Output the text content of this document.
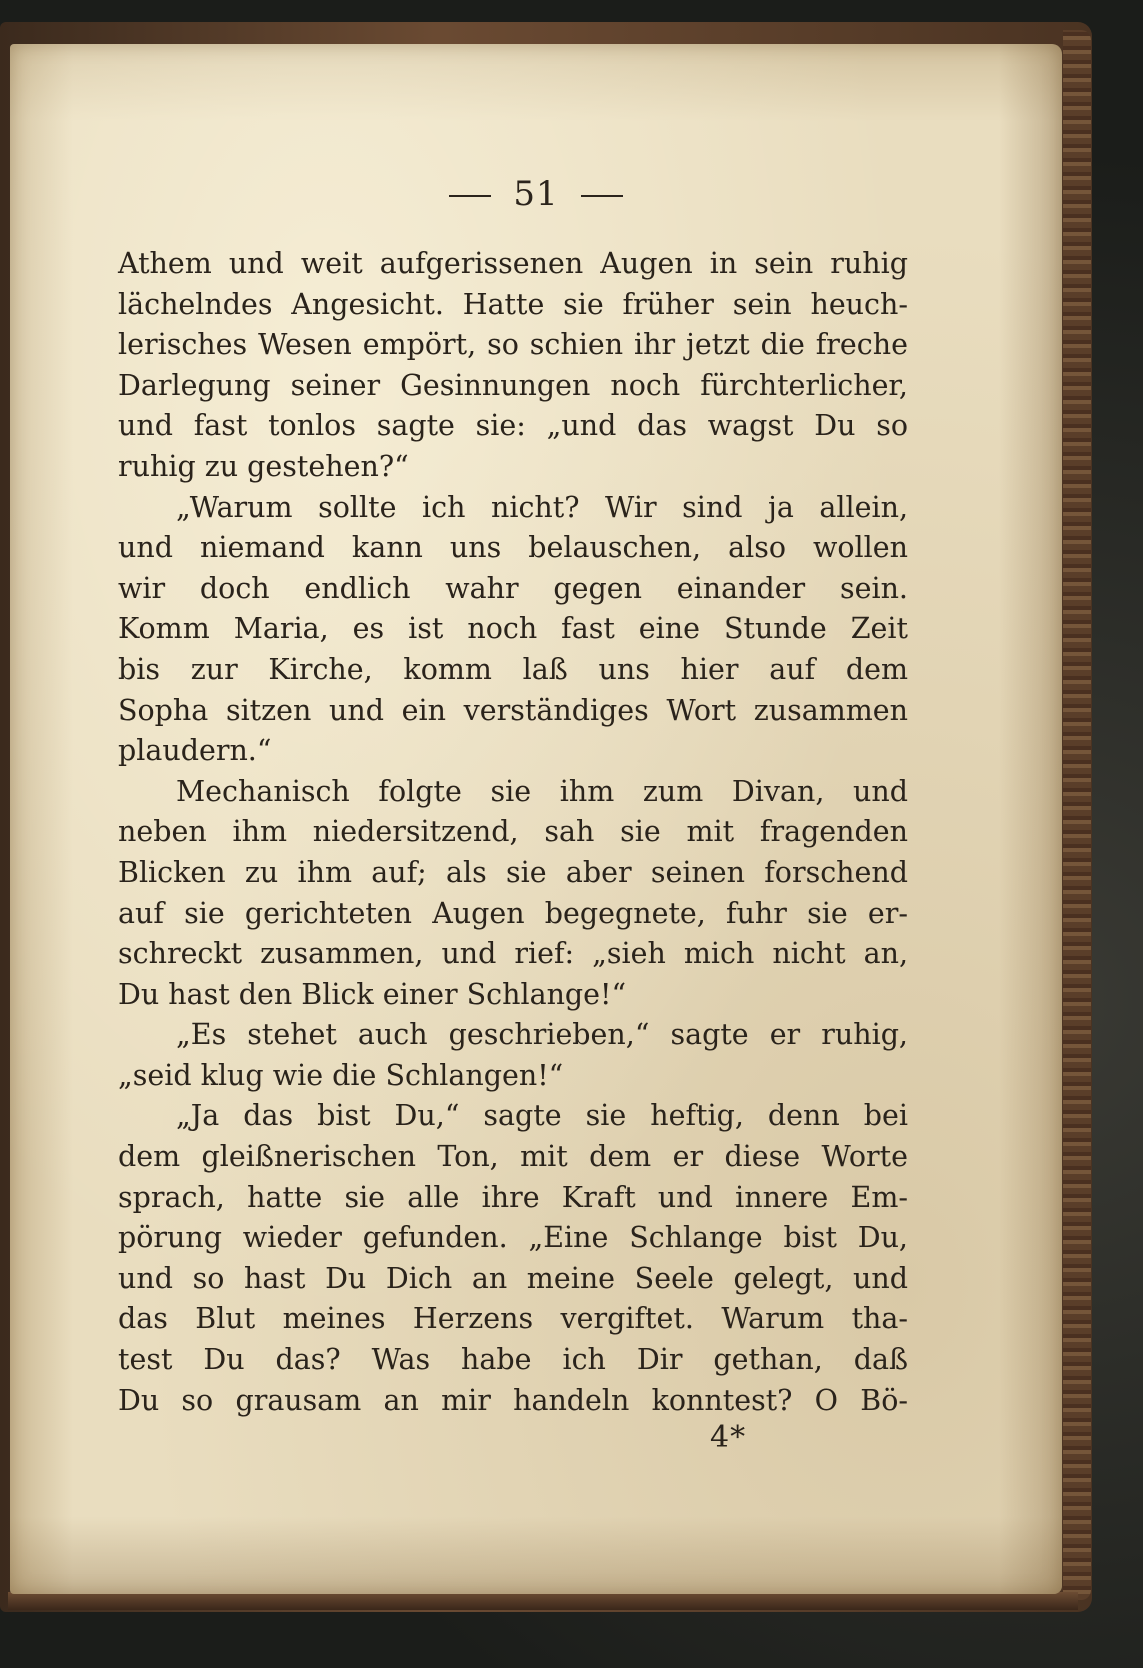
51
Athem und weit aufgerissenen Augen in sein ruhig
lächelndes Angesicht. Hatte sie früher sein heuch-
lerisches Wesen empört, so schien ihr jetzt die freche
Darlegung seiner Gesinnungen noch fürchterlicher,
und fast tonlos sagte sie: „und das wagst Du so
ruhig zu gestehen?“
„Warum sollte ich nicht? Wir sind ja allein,
und niemand kann uns belauschen, also wollen
wir doch endlich wahr gegen einander sein.
Komm Maria, es ist noch fast eine Stunde Zeit
bis zur Kirche, komm laß uns hier auf dem
Sopha sitzen und ein verständiges Wort zusammen
plaudern.“
Mechanisch folgte sie ihm zum Divan, und
neben ihm niedersitzend, sah sie mit fragenden
Blicken zu ihm auf; als sie aber seinen forschend
auf sie gerichteten Augen begegnete, fuhr sie er-
schreckt zusammen, und rief: „sieh mich nicht an,
Du hast den Blick einer Schlange!“
„Es stehet auch geschrieben,“ sagte er ruhig,
„seid klug wie die Schlangen!“
„Ja das bist Du,“ sagte sie heftig, denn bei
dem gleißnerischen Ton, mit dem er diese Worte
sprach, hatte sie alle ihre Kraft und innere Em-
pörung wieder gefunden. „Eine Schlange bist Du,
und so hast Du Dich an meine Seele gelegt, und
das Blut meines Herzens vergiftet. Warum tha-
test Du das? Was habe ich Dir gethan, daß
Du so grausam an mir handeln konntest? O Bö-
4*
